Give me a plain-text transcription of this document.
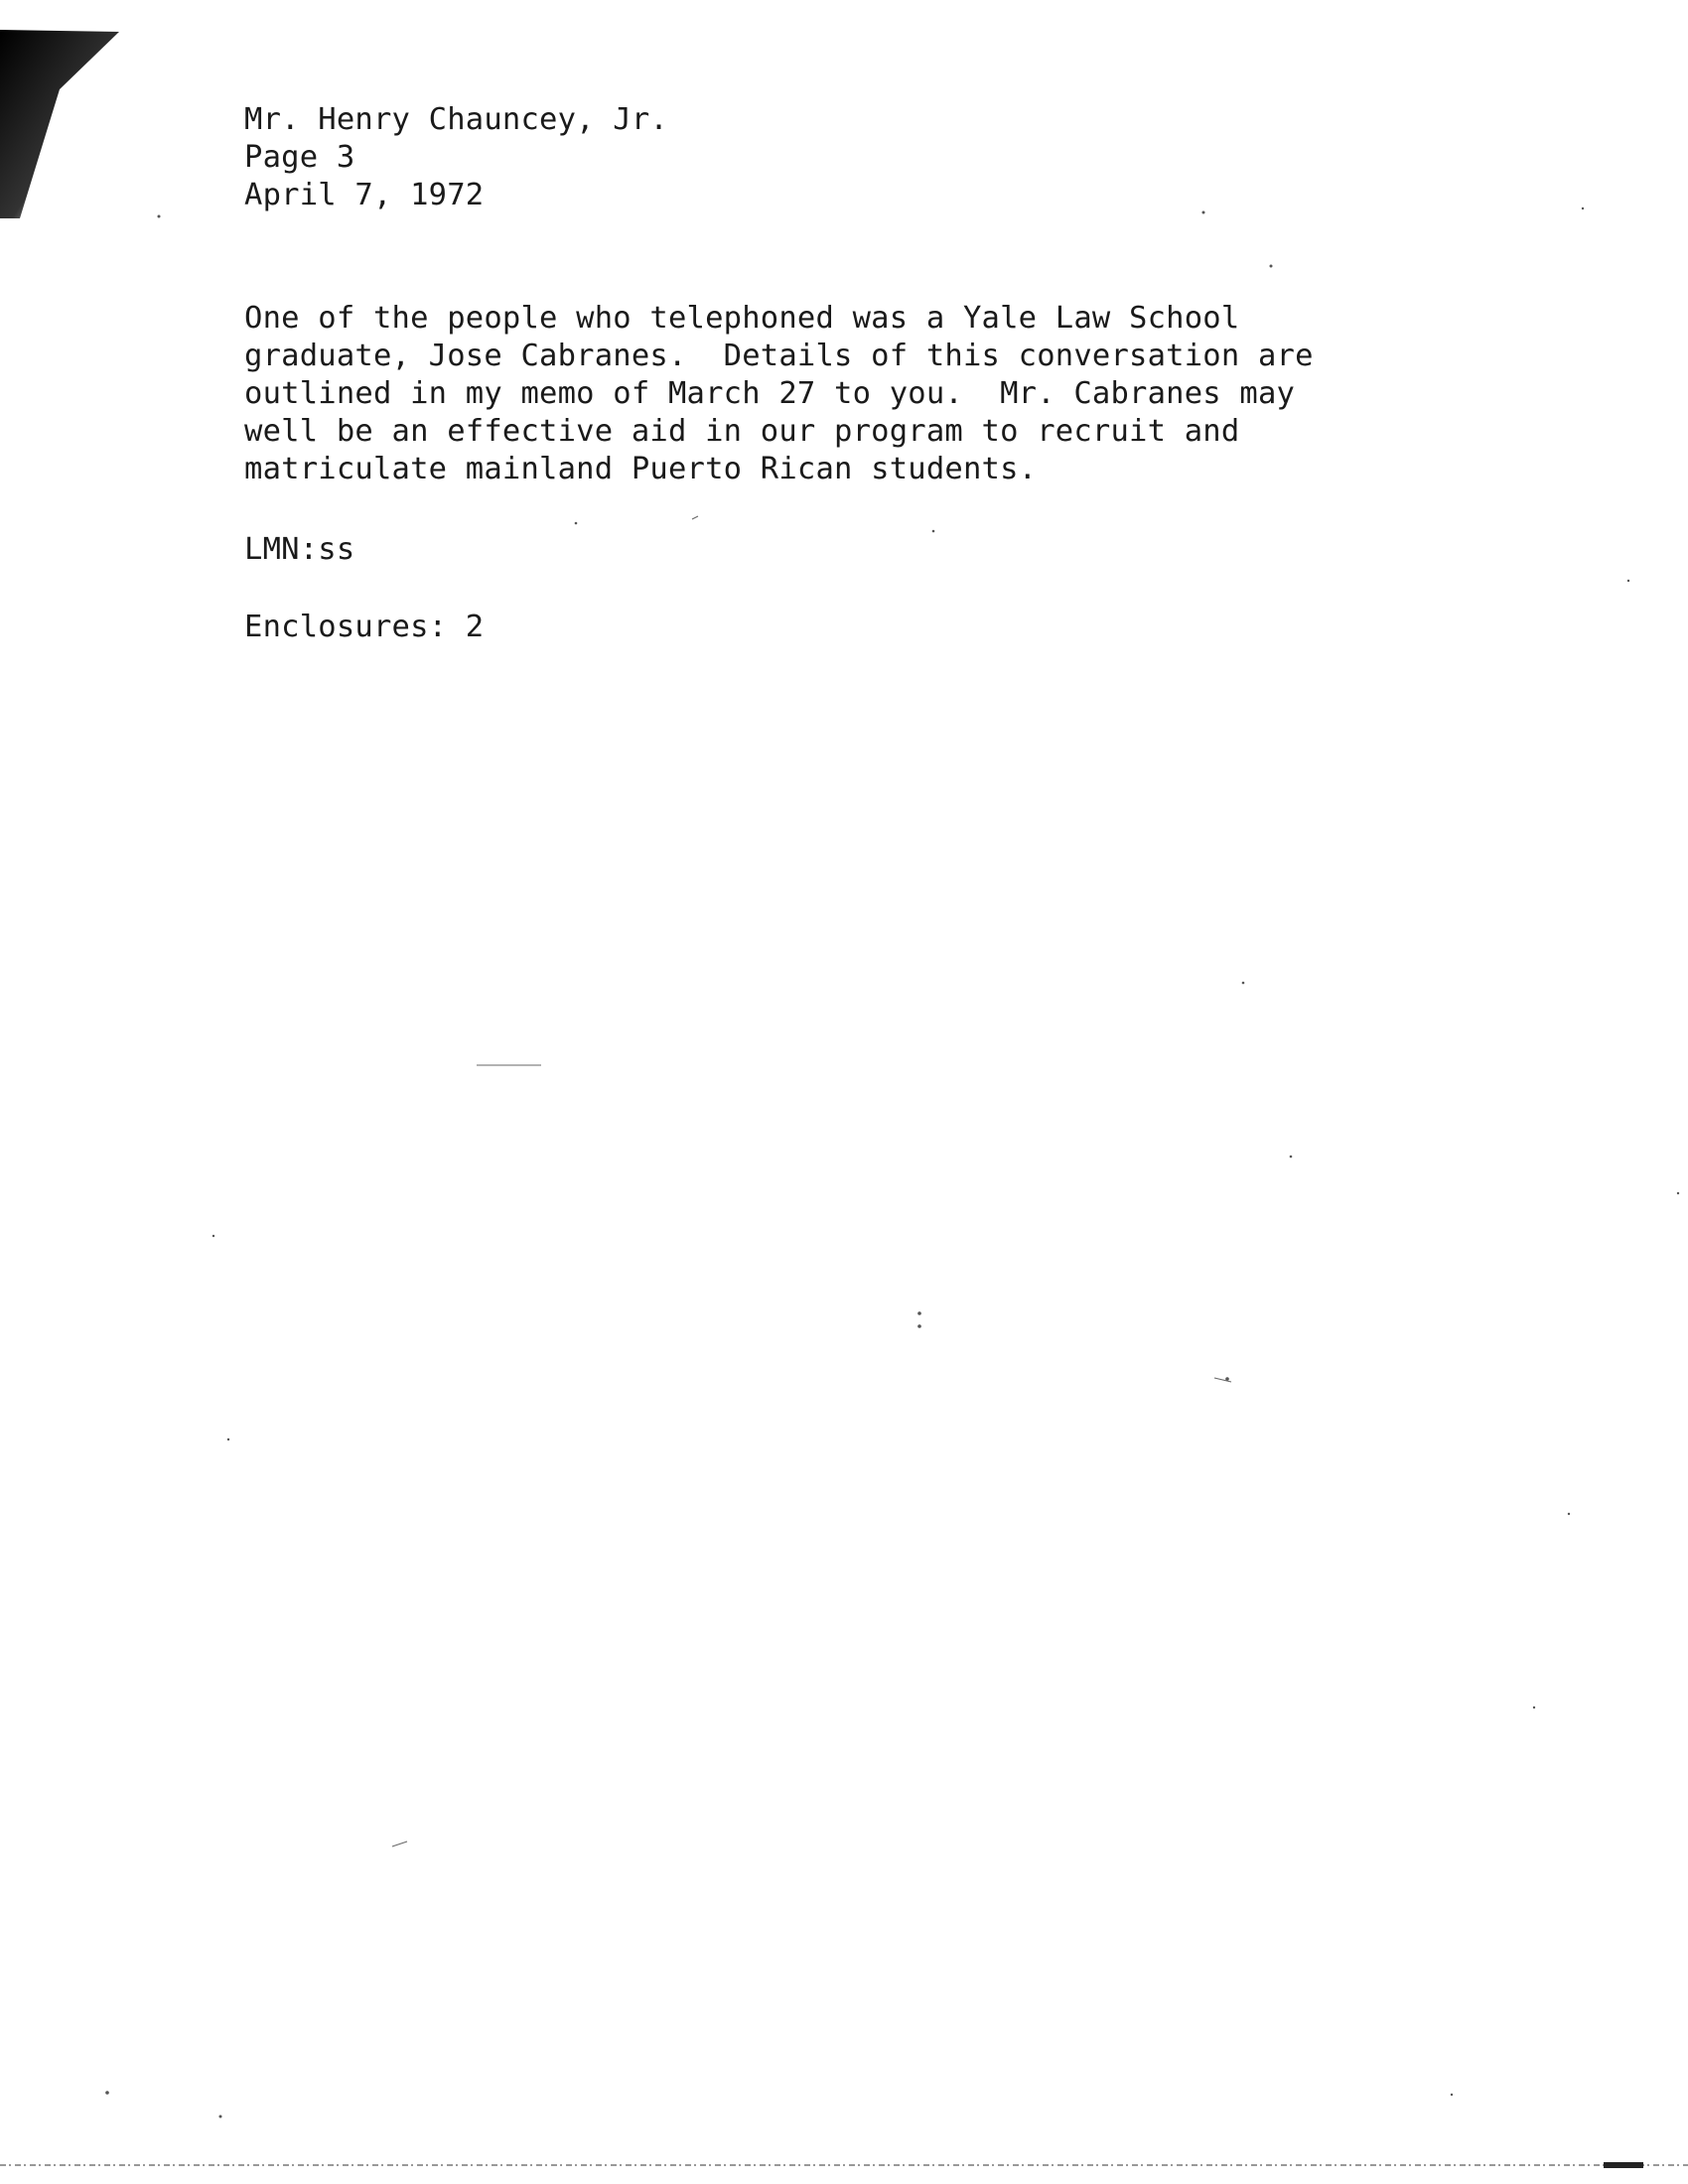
Mr. Henry Chauncey, Jr.
Page 3
April 7, 1972
One of the people who telephoned was a Yale Law School
graduate, Jose Cabranes.  Details of this conversation are
outlined in my memo of March 27 to you.  Mr. Cabranes may
well be an effective aid in our program to recruit and
matriculate mainland Puerto Rican students.
LMN:ss
Enclosures: 2
